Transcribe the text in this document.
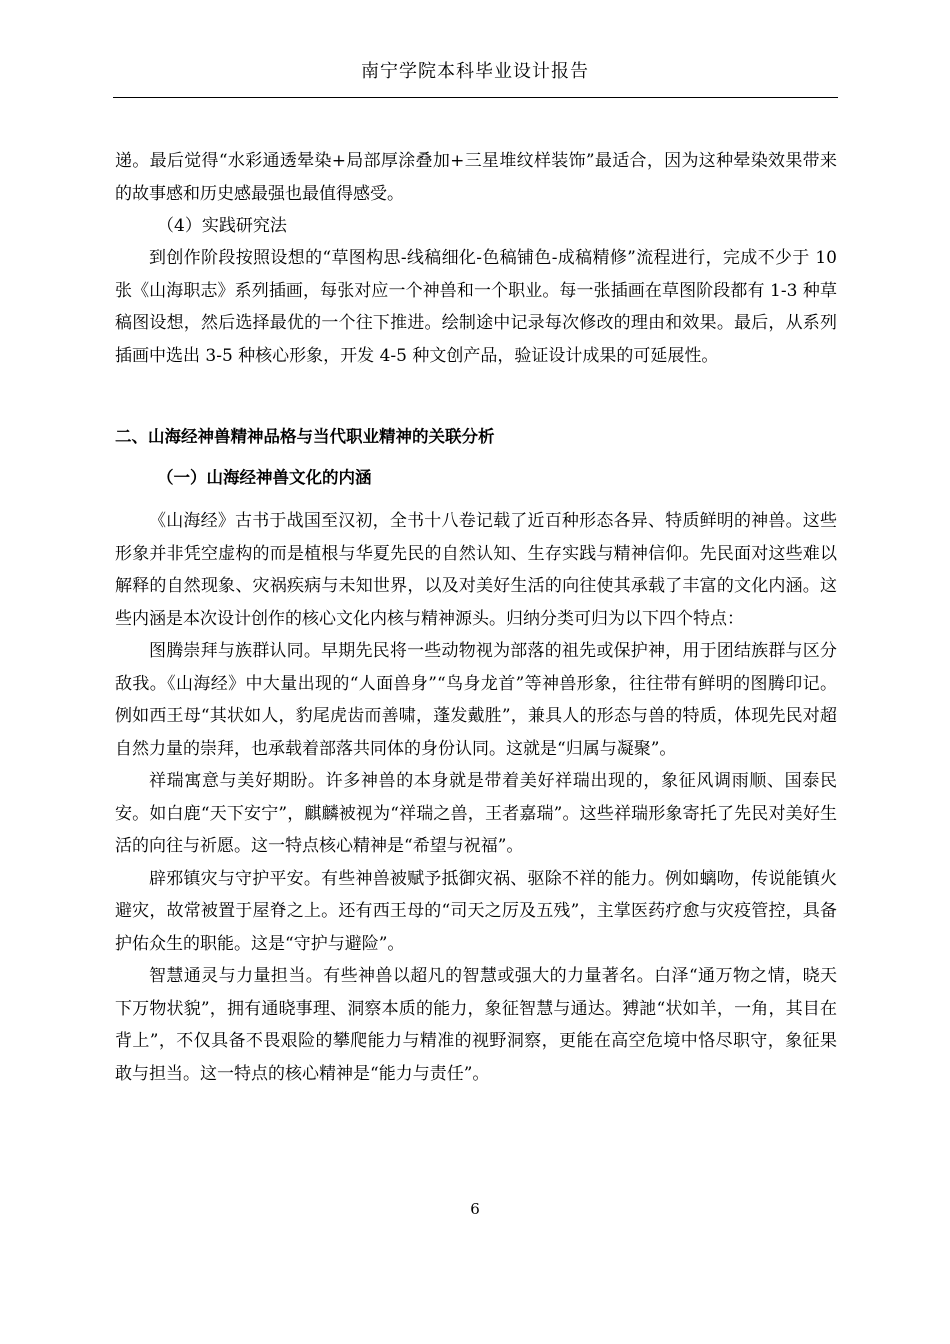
南宁学院本科毕业设计报告

递。最后觉得“水彩通透晕染+局部厚涂叠加+三星堆纹样装饰”最适合，因为这种晕染效果带来的故事感和历史感最强也最值得感受。

（4）实践研究法

到创作阶段按照设想的“草图构思-线稿细化-色稿铺色-成稿精修”流程进行，完成不少于 10 张《山海职志》系列插画，每张对应一个神兽和一个职业。每一张插画在草图阶段都有 1-3 种草稿图设想，然后选择最优的一个往下推进。绘制途中记录每次修改的理由和效果。最后，从系列插画中选出 3-5 种核心形象，开发 4-5 种文创产品，验证设计成果的可延展性。

二、山海经神兽精神品格与当代职业精神的关联分析

（一）山海经神兽文化的内涵

《山海经》古书于战国至汉初，全书十八卷记载了近百种形态各异、特质鲜明的神兽。这些形象并非凭空虚构的而是植根与华夏先民的自然认知、生存实践与精神信仰。先民面对这些难以解释的自然现象、灾祸疾病与未知世界，以及对美好生活的向往使其承载了丰富的文化内涵。这些内涵是本次设计创作的核心文化内核与精神源头。归纳分类可归为以下四个特点：

图腾崇拜与族群认同。早期先民将一些动物视为部落的祖先或保护神，用于团结族群与区分敌我。《山海经》中大量出现的“人面兽身”“鸟身龙首”等神兽形象，往往带有鲜明的图腾印记。例如西王母“其状如人，豹尾虎齿而善啸，蓬发戴胜”，兼具人的形态与兽的特质，体现先民对超自然力量的崇拜，也承载着部落共同体的身份认同。这就是“归属与凝聚”。

祥瑞寓意与美好期盼。许多神兽的本身就是带着美好祥瑞出现的，象征风调雨顺、国泰民安。如白鹿“天下安宁”，麒麟被视为“祥瑞之兽，王者嘉瑞”。这些祥瑞形象寄托了先民对美好生活的向往与祈愿。这一特点核心精神是“希望与祝福”。

辟邪镇灾与守护平安。有些神兽被赋予抵御灾祸、驱除不祥的能力。例如螭吻，传说能镇火避灾，故常被置于屋脊之上。还有西王母的“司天之厉及五残”，主掌医药疗愈与灾疫管控，具备护佑众生的职能。这是“守护与避险”。

智慧通灵与力量担当。有些神兽以超凡的智慧或强大的力量著名。白泽“通万物之情，晓天下万物状貌”，拥有通晓事理、洞察本质的能力，象征智慧与通达。猼訑“状如羊，一角，其目在背上”，不仅具备不畏艰险的攀爬能力与精准的视野洞察，更能在高空危境中恪尽职守，象征果敢与担当。这一特点的核心精神是“能力与责任”。

6
